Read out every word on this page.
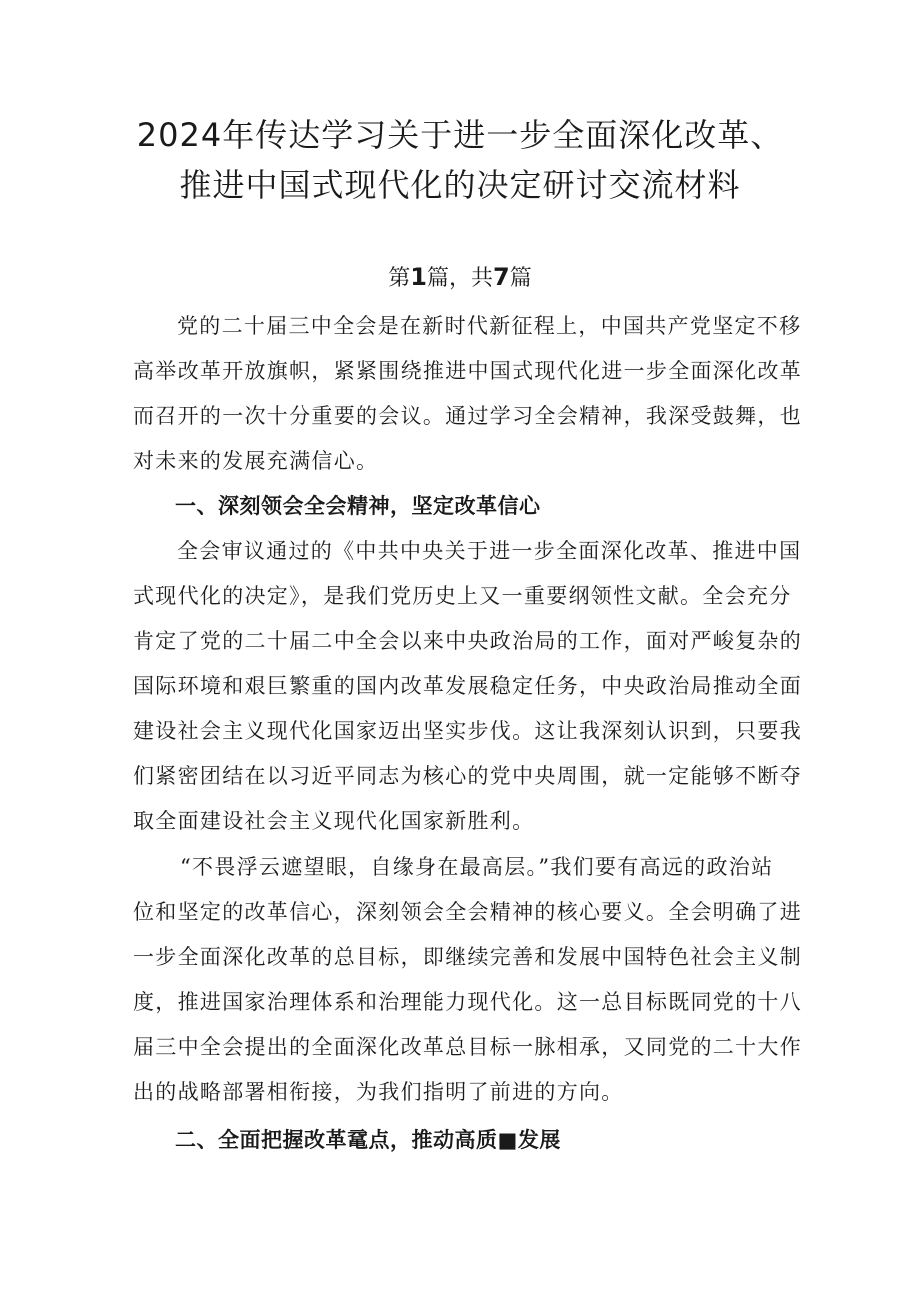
2024年传达学习关于进一步全面深化改革、
推进中国式现代化的决定研讨交流材料

第1篇，共7篇

党的二十届三中全会是在新时代新征程上，中国共产党坚定不移

高举改革开放旗帜，紧紧围绕推进中国式现代化进一步全面深化改革

而召开的一次十分重要的会议。通过学习全会精神，我深受鼓舞，也

对未来的发展充满信心。

一、深刻领会全会精神，坚定改革信心

全会审议通过的《中共中央关于进一步全面深化改革、推进中国

式现代化的决定》，是我们党历史上又一重要纲领性文献。全会充分

肯定了党的二十届二中全会以来中央政治局的工作，面对严峻复杂的

国际环境和艰巨繁重的国内改革发展稳定任务，中央政治局推动全面

建设社会主义现代化国家迈出坚实步伐。这让我深刻认识到，只要我

们紧密团结在以习近平同志为核心的党中央周围，就一定能够不断夺

取全面建设社会主义现代化国家新胜利。

“不畏浮云遮望眼，自缘身在最高层。”我们要有高远的政治站

位和坚定的改革信心，深刻领会全会精神的核心要义。全会明确了进

一步全面深化改革的总目标，即继续完善和发展中国特色社会主义制

度，推进国家治理体系和治理能力现代化。这一总目标既同党的十八

届三中全会提出的全面深化改革总目标一脉相承，又同党的二十大作

出的战略部署相衔接，为我们指明了前进的方向。

二、全面把握改革鼋点，推动高质■发展
